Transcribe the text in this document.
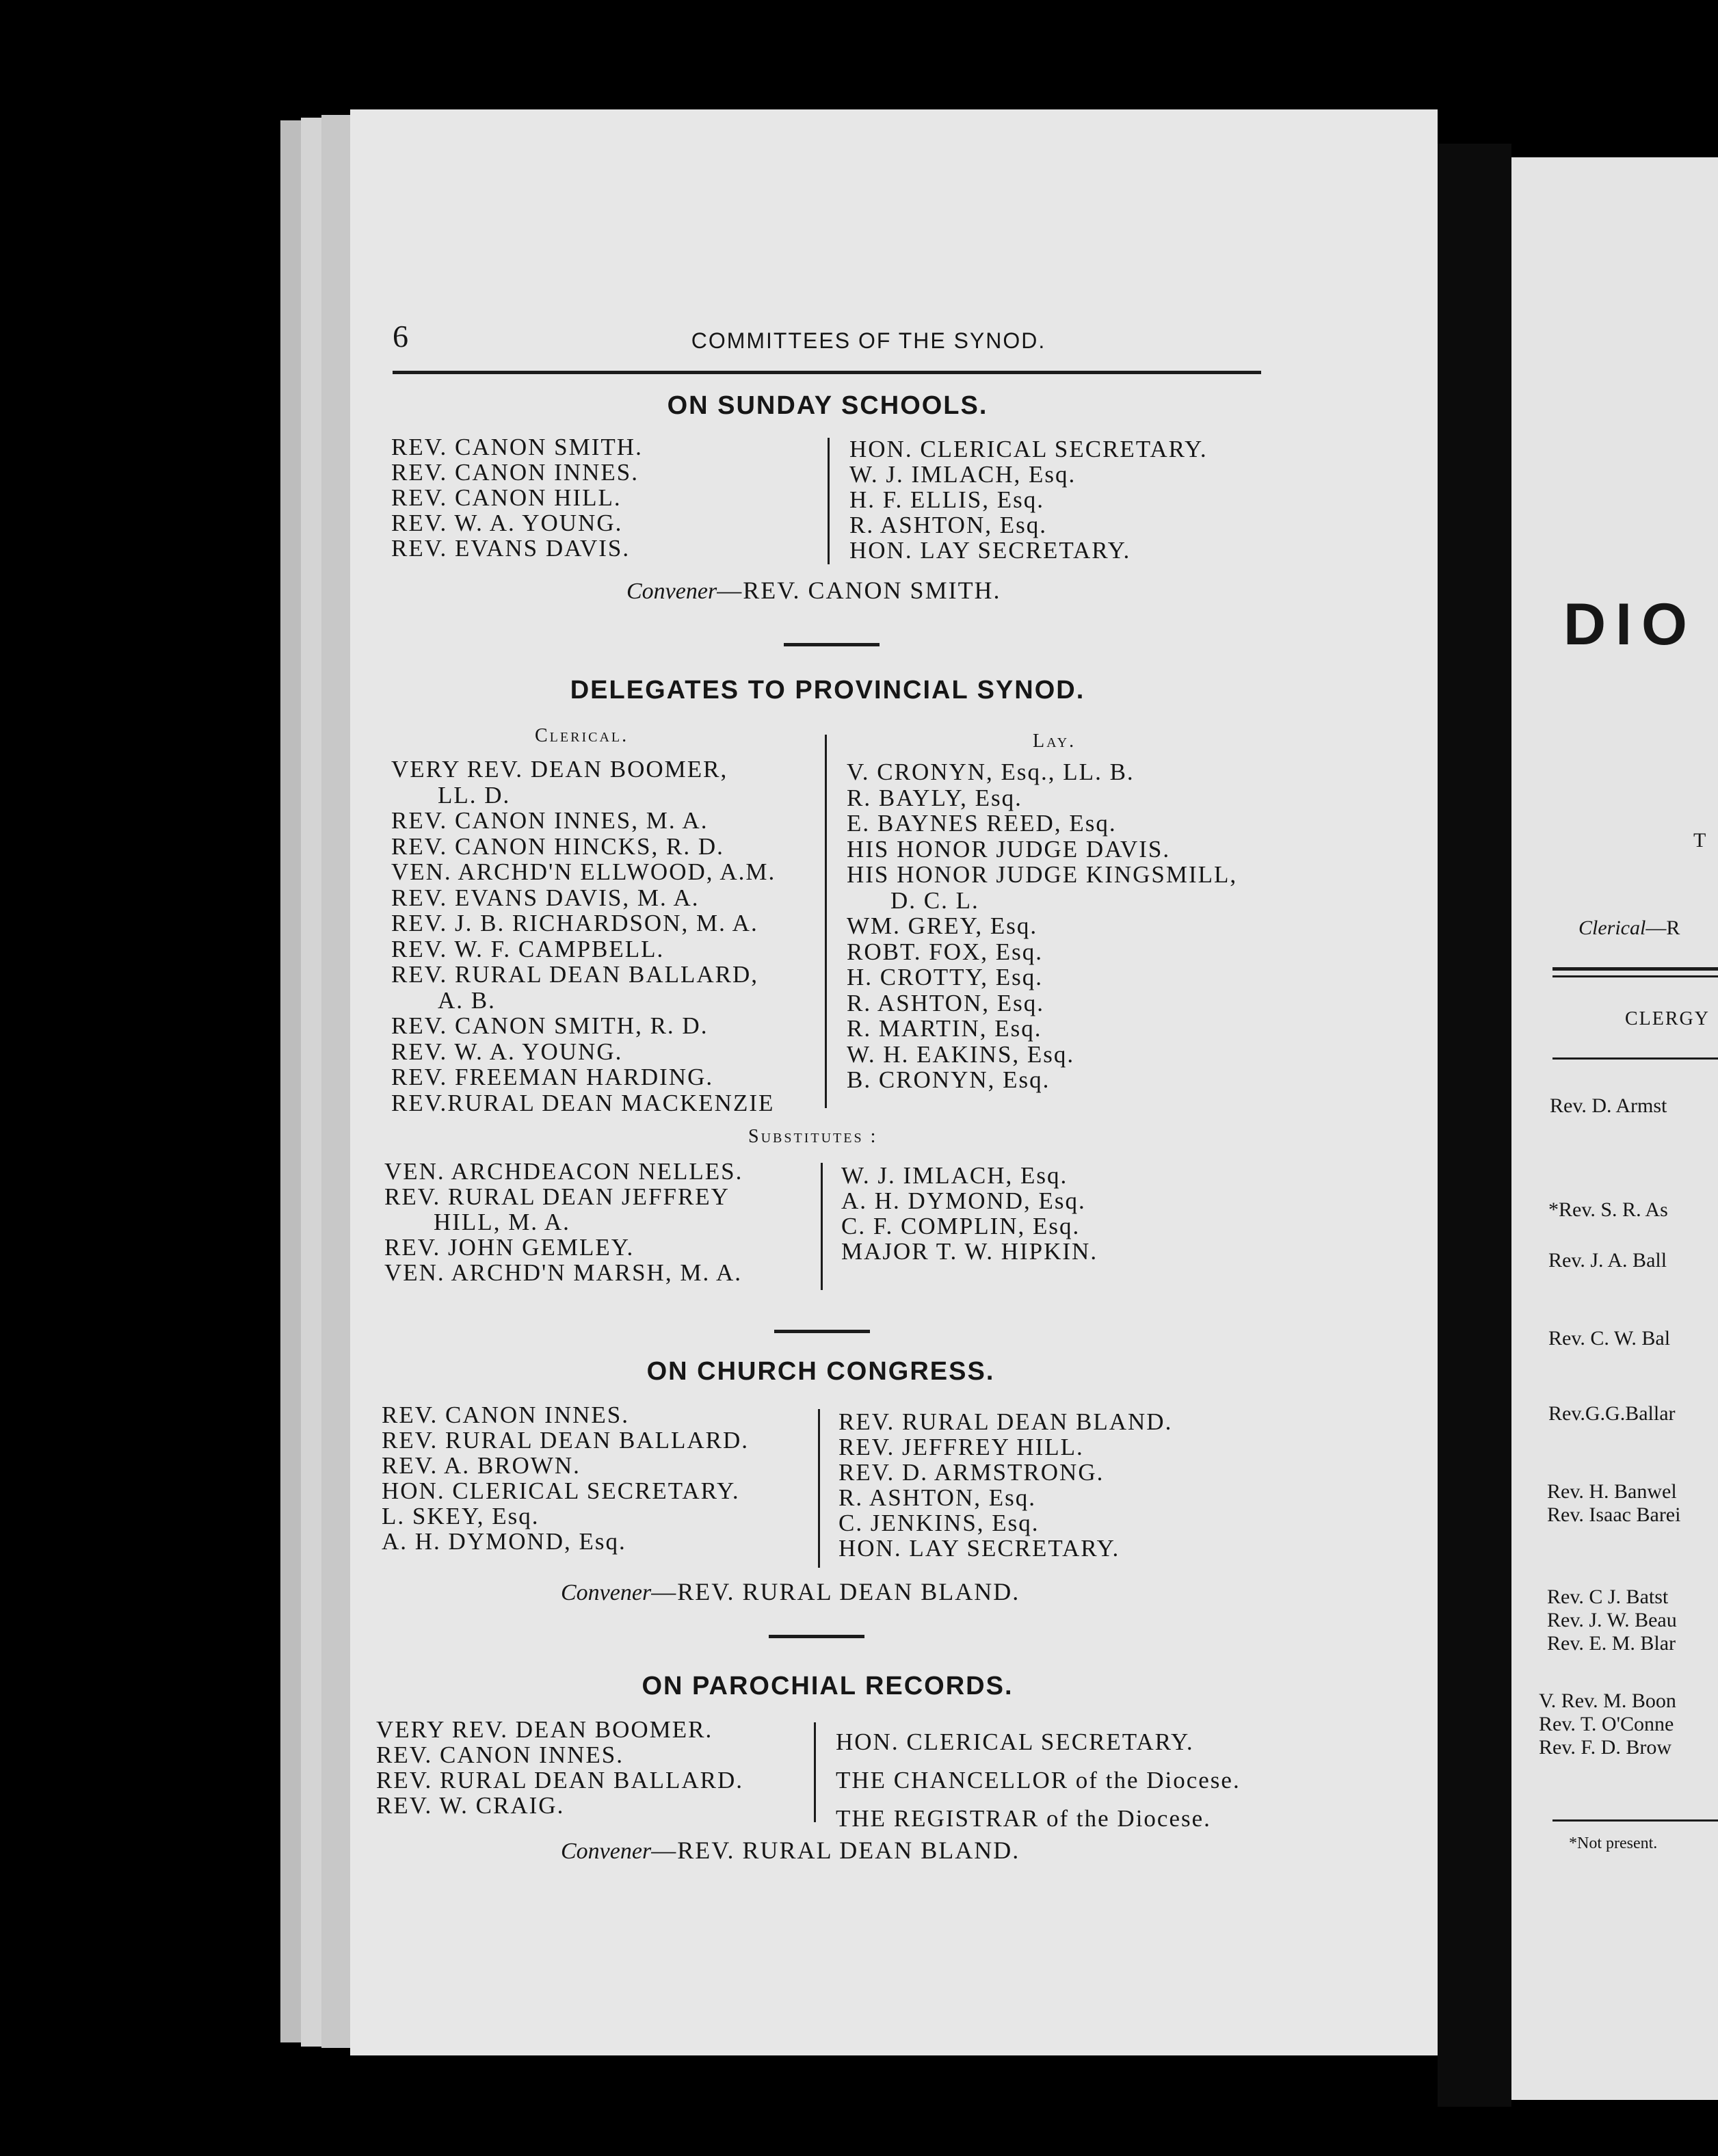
6	COMMITTEES OF THE SYNOD.
ON SUNDAY SCHOOLS.
REV. CANON SMITH.
REV. CANON INNES.
REV. CANON HILL.
REV. W. A. YOUNG.
REV. EVANS DAVIS.
HON. CLERICAL SECRETARY.
W. J. IMLACH, Esq.
H. F. ELLIS, Esq.
R. ASHTON, Esq.
HON. LAY SECRETARY.
Convener—REV. CANON SMITH.
DELEGATES TO PROVINCIAL SYNOD.
Clerical.	Lay.
VERY REV. DEAN BOOMER,
LL. D.
REV. CANON INNES, M. A.
REV. CANON HINCKS, R. D.
VEN. ARCHD'N ELLWOOD, A.M.
REV. EVANS DAVIS, M. A.
REV. J. B. RICHARDSON, M. A.
REV. W. F. CAMPBELL.
REV. RURAL DEAN BALLARD,
A. B.
REV. CANON SMITH, R. D.
REV. W. A. YOUNG.
REV. FREEMAN HARDING.
REV.RURAL DEAN MACKENZIE
V. CRONYN, Esq., LL. B.
R. BAYLY, Esq.
E. BAYNES REED, Esq.
HIS HONOR JUDGE DAVIS.
HIS HONOR JUDGE KINGSMILL,
D. C. L.
WM. GREY, Esq.
ROBT. FOX, Esq.
H. CROTTY, Esq.
R. ASHTON, Esq.
R. MARTIN, Esq.
W. H. EAKINS, Esq.
B. CRONYN, Esq.
Substitutes :
VEN. ARCHDEACON NELLES.
REV. RURAL DEAN JEFFREY
HILL, M. A.
REV. JOHN GEMLEY.
VEN. ARCHD'N MARSH, M. A.
W. J. IMLACH, Esq.
A. H. DYMOND, Esq.
C. F. COMPLIN, Esq.
MAJOR T. W. HIPKIN.
ON CHURCH CONGRESS.
REV. CANON INNES.
REV. RURAL DEAN BALLARD.
REV. A. BROWN.
HON. CLERICAL SECRETARY.
L. SKEY, Esq.
A. H. DYMOND, Esq.
REV. RURAL DEAN BLAND.
REV. JEFFREY HILL.
REV. D. ARMSTRONG.
R. ASHTON, Esq.
C. JENKINS, Esq.
HON. LAY SECRETARY.
Convener—REV. RURAL DEAN BLAND.
ON PAROCHIAL RECORDS.
VERY REV. DEAN BOOMER.
REV. CANON INNES.
REV. RURAL DEAN BALLARD.
REV. W. CRAIG.
HON. CLERICAL SECRETARY.
THE CHANCELLOR of the Diocese.
THE REGISTRAR of the Diocese.
Convener—REV. RURAL DEAN BLAND.
DIO
T
Clerical—R
CLERGY
Rev. D. Armst
*Rev. S. R. As
Rev. J. A. Ball
Rev. C. W. Bal
Rev.G.G.Ballar
Rev. H. Banwel
Rev. Isaac Barei
Rev. C J. Batst
Rev. J. W. Beau
Rev. E. M. Blar
V. Rev. M. Boon
Rev. T. O'Conne
Rev. F. D. Brow
*Not present.
